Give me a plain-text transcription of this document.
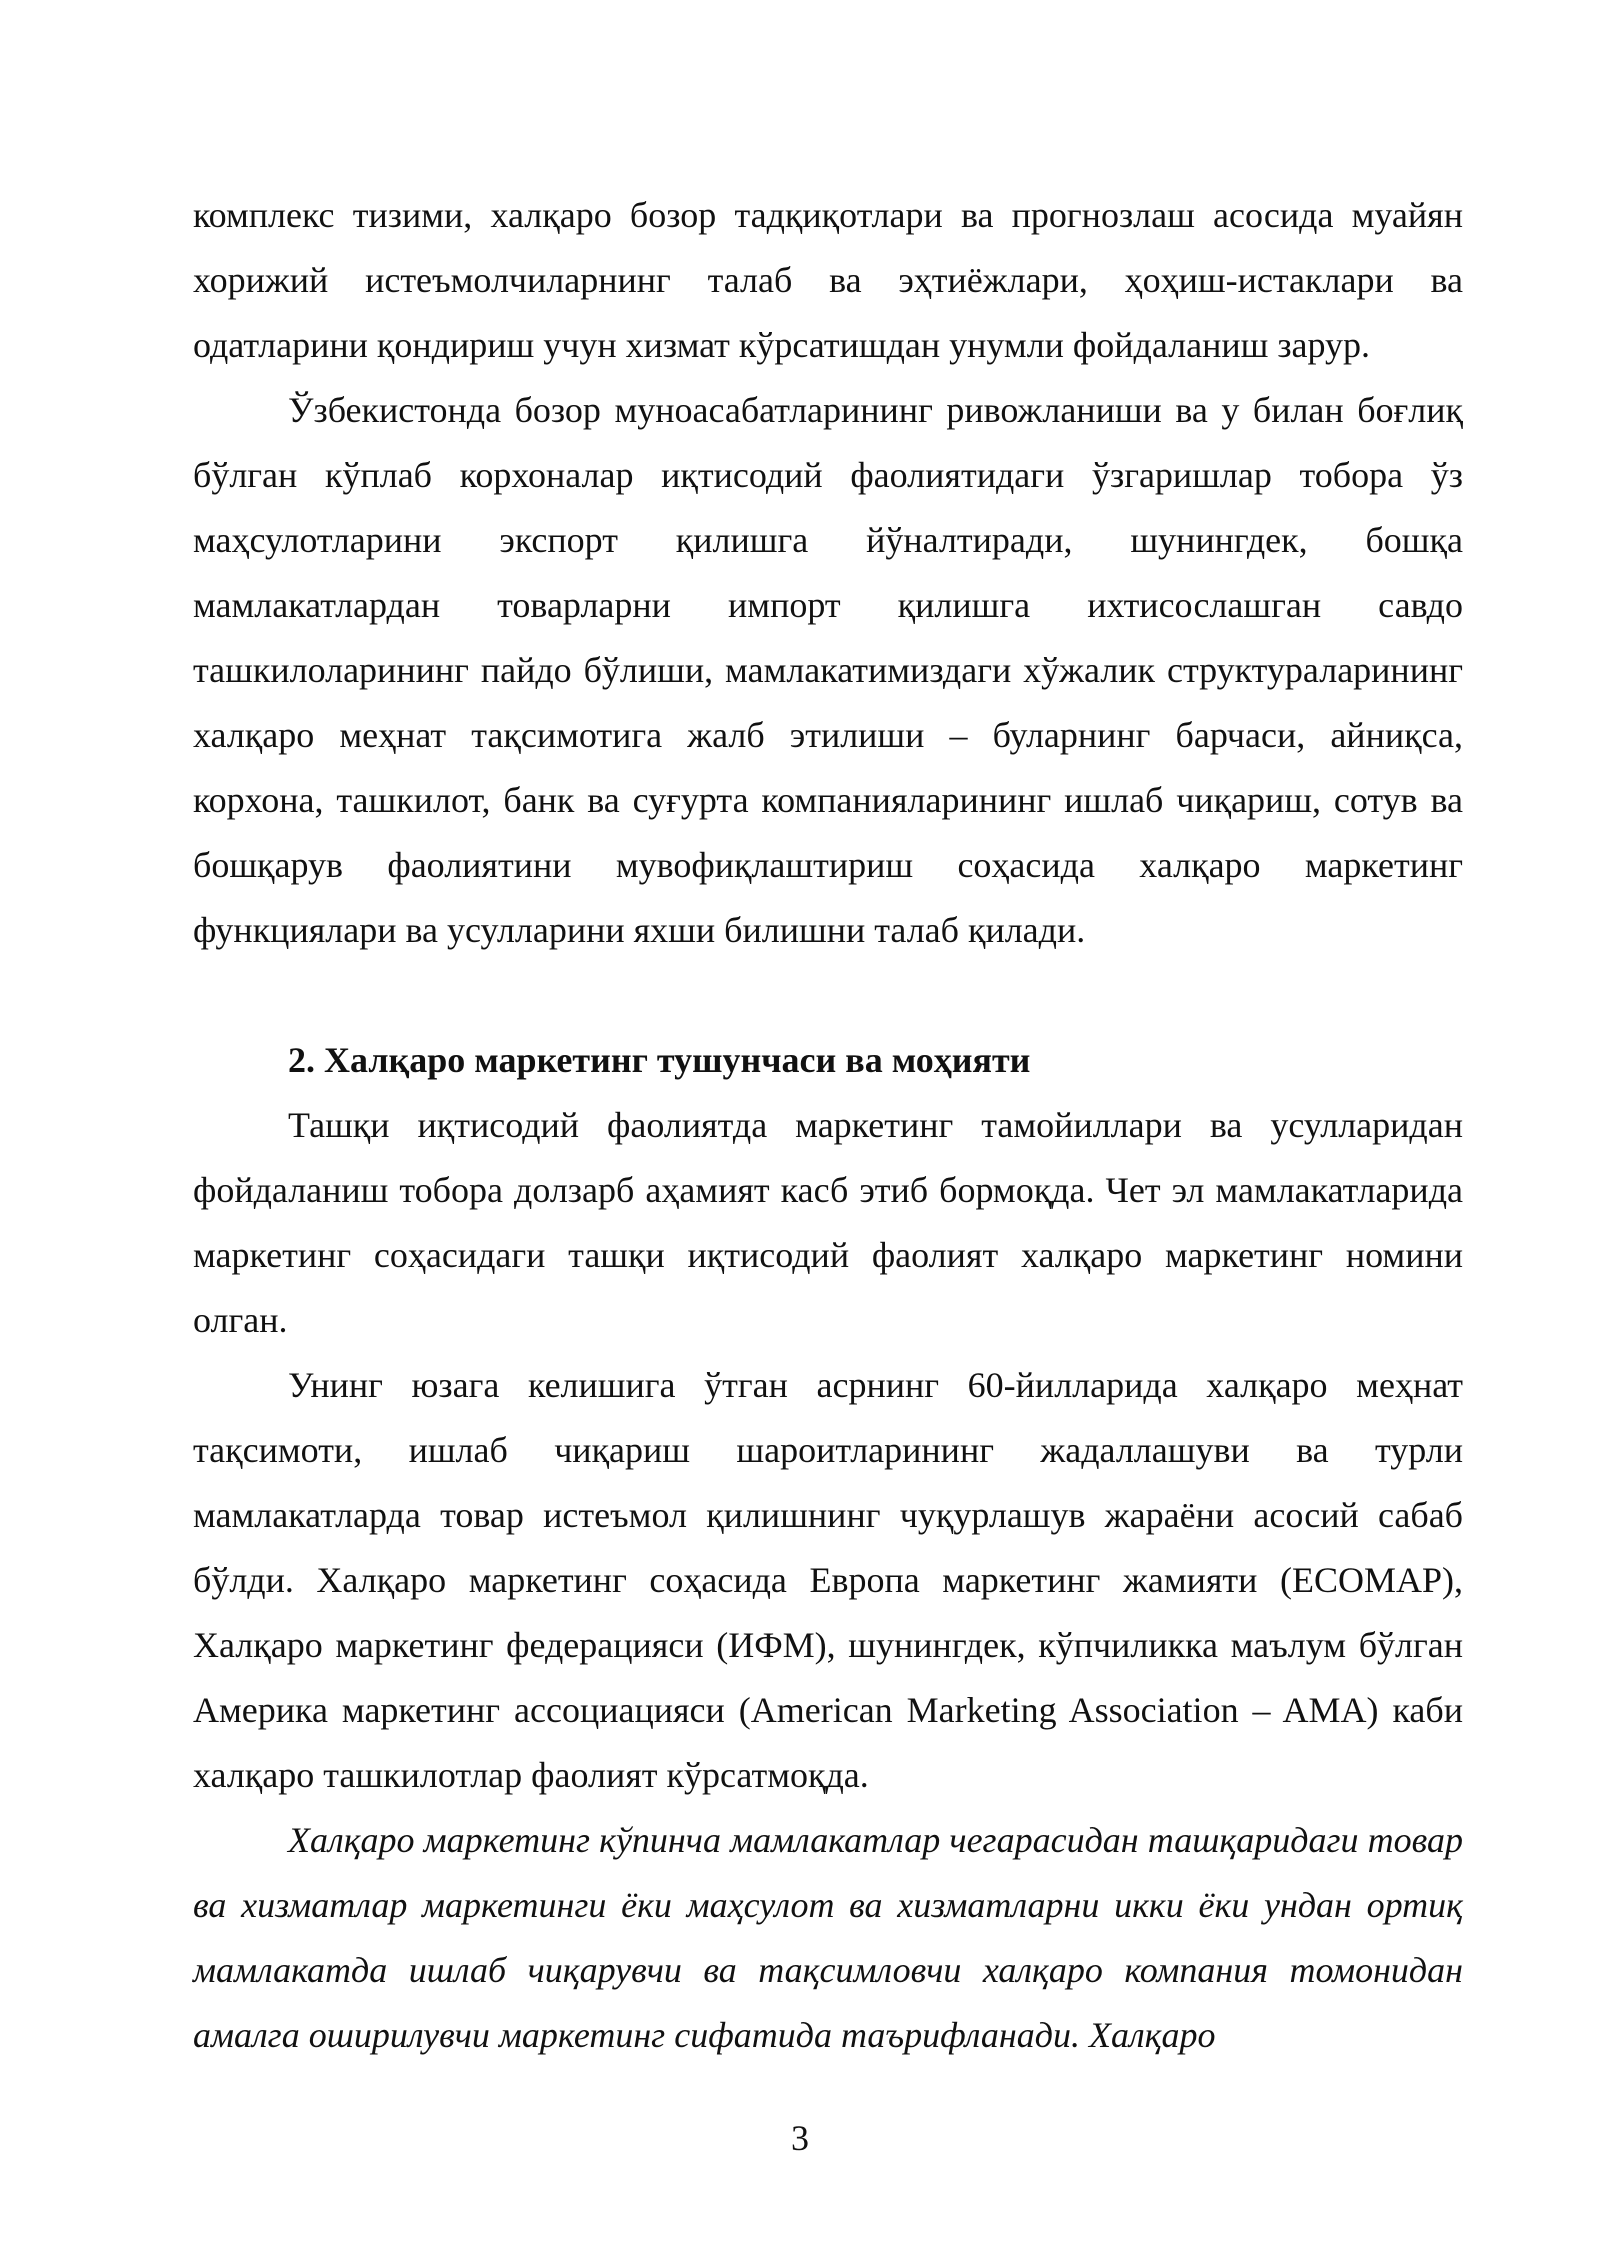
комплекс тизими, халқаро бозор тадқиқотлари ва прогнозлаш асосида муайян хорижий истеъмолчиларнинг талаб ва эҳтиёжлари, ҳоҳиш-истаклари ва одатларини қондириш учун хизмат кўрсатишдан унумли фойдаланиш зарур.

Ўзбекистонда бозор муноасабатларининг ривожланиши ва у билан боғлиқ бўлган кўплаб корхоналар иқтисодий фаолиятидаги ўзгаришлар тобора ўз маҳсулотларини экспорт қилишга йўналтиради, шунингдек, бошқа мамлакатлардан товарларни импорт қилишга ихтисослашган савдо ташкилоларининг пайдо бўлиши, мамлакатимиздаги хўжалик структураларининг халқаро меҳнат тақсимотига жалб этилиши – буларнинг барчаси, айниқса, корхона, ташкилот, банк ва суғурта компанияларининг ишлаб чиқариш, сотув ва бошқарув фаолиятини мувофиқлаштириш соҳасида халқаро маркетинг функциялари ва усулларини яхши билишни талаб қилади.

2. Халқаро маркетинг тушунчаси ва моҳияти

Ташқи иқтисодий фаолиятда маркетинг тамойиллари ва усулларидан фойдаланиш тобора долзарб аҳамият касб этиб бормоқда. Чет эл мамлакатларида маркетинг соҳасидаги ташқи иқтисодий фаолият халқаро маркетинг номини олган.

Унинг юзага келишига ўтган асрнинг 60-йилларида халқаро меҳнат тақсимоти, ишлаб чиқариш шароитларининг жадаллашуви ва турли мамлакатларда товар истеъмол қилишнинг чуқурлашув жараёни асосий сабаб бўлди. Халқаро маркетинг соҳасида Европа маркетинг жамияти (ECOMAP), Халқаро маркетинг федерацияси (ИФМ), шунингдек, кўпчиликка маълум бўлган Америка маркетинг ассоциацияси (American Marketing Association – AMA) каби халқаро ташкилотлар фаолият кўрсатмоқда.

Халқаро маркетинг кўпинча мамлакатлар чегарасидан ташқаридаги товар ва хизматлар маркетинги ёки маҳсулот ва хизматларни икки ёки ундан ортиқ мамлакатда ишлаб чиқарувчи ва тақсимловчи халқаро компания томонидан амалга оширилувчи маркетинг сифатида таърифланади. Халқаро

3
